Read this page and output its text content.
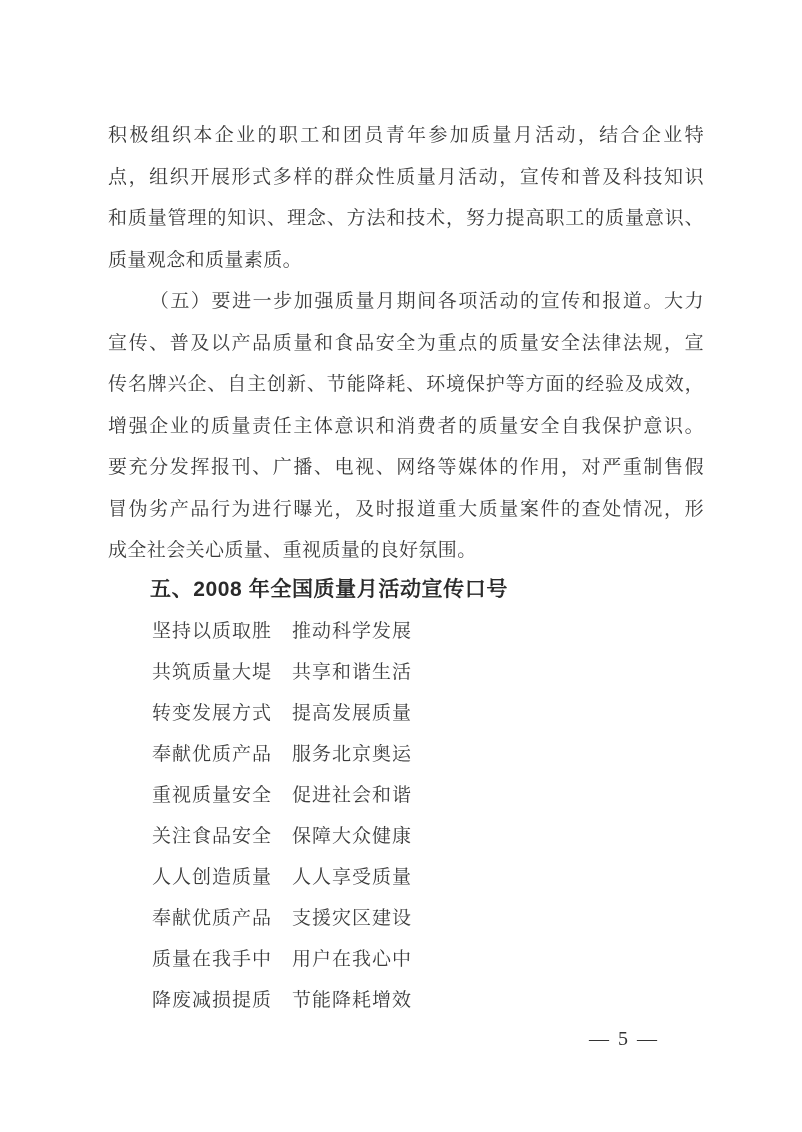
积极组织本企业的职工和团员青年参加质量月活动，结合企业特
点，组织开展形式多样的群众性质量月活动，宣传和普及科技知识
和质量管理的知识、理念、方法和技术，努力提高职工的质量意识、
质量观念和质量素质。
（五）要进一步加强质量月期间各项活动的宣传和报道。大力
宣传、普及以产品质量和食品安全为重点的质量安全法律法规，宣
传名牌兴企、自主创新、节能降耗、环境保护等方面的经验及成效，
增强企业的质量责任主体意识和消费者的质量安全自我保护意识。
要充分发挥报刊、广播、电视、网络等媒体的作用，对严重制售假
冒伪劣产品行为进行曝光，及时报道重大质量案件的查处情况，形
成全社会关心质量、重视质量的良好氛围。
五、2008 年全国质量月活动宣传口号
坚持以质取胜 推动科学发展
共筑质量大堤 共享和谐生活
转变发展方式 提高发展质量
奉献优质产品 服务北京奥运
重视质量安全 促进社会和谐
关注食品安全 保障大众健康
人人创造质量 人人享受质量
奉献优质产品 支援灾区建设
质量在我手中 用户在我心中
降废减损提质 节能降耗增效
— 5 —
